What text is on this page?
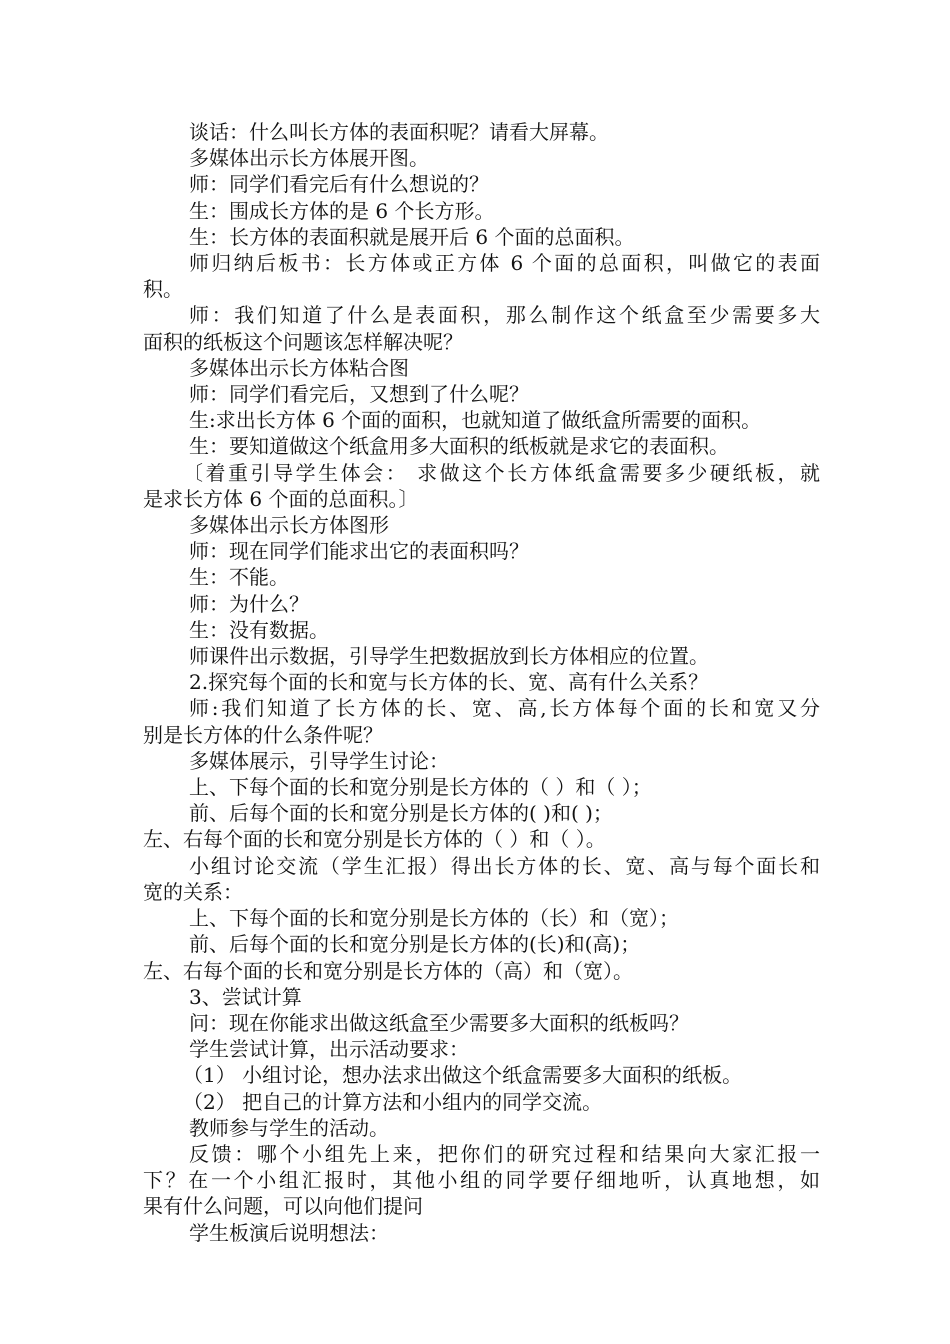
谈话：什么叫长方体的表面积呢？请看大屏幕。
多媒体出示长方体展开图。
师：同学们看完后有什么想说的？
生：围成长方体的是 6 个长方形。
生：长方体的表面积就是展开后 6 个面的总面积。
师归纳后板书：长方体或正方体 6 个面的总面积，叫做它的表面
积。
师：我们知道了什么是表面积，那么制作这个纸盒至少需要多大
面积的纸板这个问题该怎样解决呢？
多媒体出示长方体粘合图
师：同学们看完后，又想到了什么呢？
生:求出长方体 6 个面的面积，也就知道了做纸盒所需要的面积。
生：要知道做这个纸盒用多大面积的纸板就是求它的表面积。
〔着重引导学生体会： 求做这个长方体纸盒需要多少硬纸板，就
是求长方体 6 个面的总面积。〕
多媒体出示长方体图形
师：现在同学们能求出它的表面积吗？
生：不能。
师：为什么？
生：没有数据。
师课件出示数据，引导学生把数据放到长方体相应的位置。
2.探究每个面的长和宽与长方体的长、宽、高有什么关系？
师:我们知道了长方体的长、宽、高,长方体每个面的长和宽又分
别是长方体的什么条件呢？
多媒体展示，引导学生讨论：
上、下每个面的长和宽分别是长方体的（ ）和（ ）；
前、后每个面的长和宽分别是长方体的( )和( )；
左、右每个面的长和宽分别是长方体的（ ）和（ ）。
小组讨论交流（学生汇报）得出长方体的长、宽、高与每个面长和
宽的关系：
上、下每个面的长和宽分别是长方体的（长）和（宽）；
前、后每个面的长和宽分别是长方体的(长)和(高)；
左、右每个面的长和宽分别是长方体的（高）和（宽）。
3、尝试计算
问：现在你能求出做这纸盒至少需要多大面积的纸板吗？
学生尝试计算，出示活动要求：
（1） 小组讨论，想办法求出做这个纸盒需要多大面积的纸板。
（2） 把自己的计算方法和小组内的同学交流。
教师参与学生的活动。
反馈：哪个小组先上来，把你们的研究过程和结果向大家汇报一
下？在一个小组汇报时，其他小组的同学要仔细地听，认真地想，如
果有什么问题，可以向他们提问
学生板演后说明想法：
